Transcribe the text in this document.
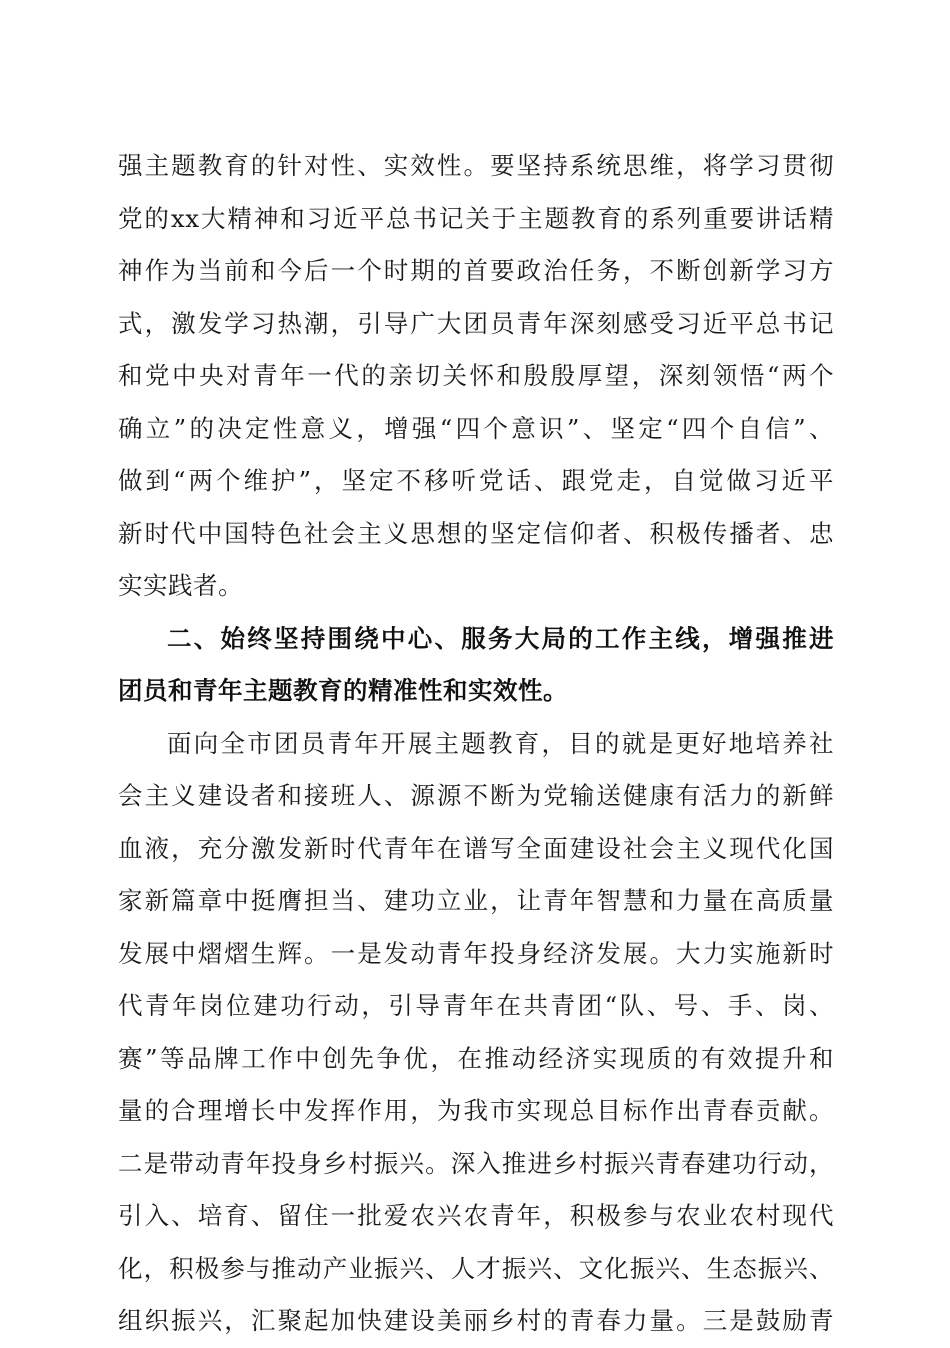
强主题教育的针对性、实效性。要坚持系统思维，将学习贯彻
党的xx大精神和习近平总书记关于主题教育的系列重要讲话精
神作为当前和今后一个时期的首要政治任务，不断创新学习方
式，激发学习热潮，引导广大团员青年深刻感受习近平总书记
和党中央对青年一代的亲切关怀和殷殷厚望，深刻领悟“两个
确立”的决定性意义，增强“四个意识”、坚定“四个自信”、
做到“两个维护”，坚定不移听党话、跟党走，自觉做习近平
新时代中国特色社会主义思想的坚定信仰者、积极传播者、忠
实实践者。
二、始终坚持围绕中心、服务大局的工作主线，增强推进
团员和青年主题教育的精准性和实效性。
面向全市团员青年开展主题教育，目的就是更好地培养社
会主义建设者和接班人、源源不断为党输送健康有活力的新鲜
血液，充分激发新时代青年在谱写全面建设社会主义现代化国
家新篇章中挺膺担当、建功立业，让青年智慧和力量在高质量
发展中熠熠生辉。一是发动青年投身经济发展。大力实施新时
代青年岗位建功行动，引导青年在共青团“队、号、手、岗、
赛”等品牌工作中创先争优，在推动经济实现质的有效提升和
量的合理增长中发挥作用，为我市实现总目标作出青春贡献。
二是带动青年投身乡村振兴。深入推进乡村振兴青春建功行动，
引入、培育、留住一批爱农兴农青年，积极参与农业农村现代
化，积极参与推动产业振兴、人才振兴、文化振兴、生态振兴、
组织振兴，汇聚起加快建设美丽乡村的青春力量。三是鼓励青
